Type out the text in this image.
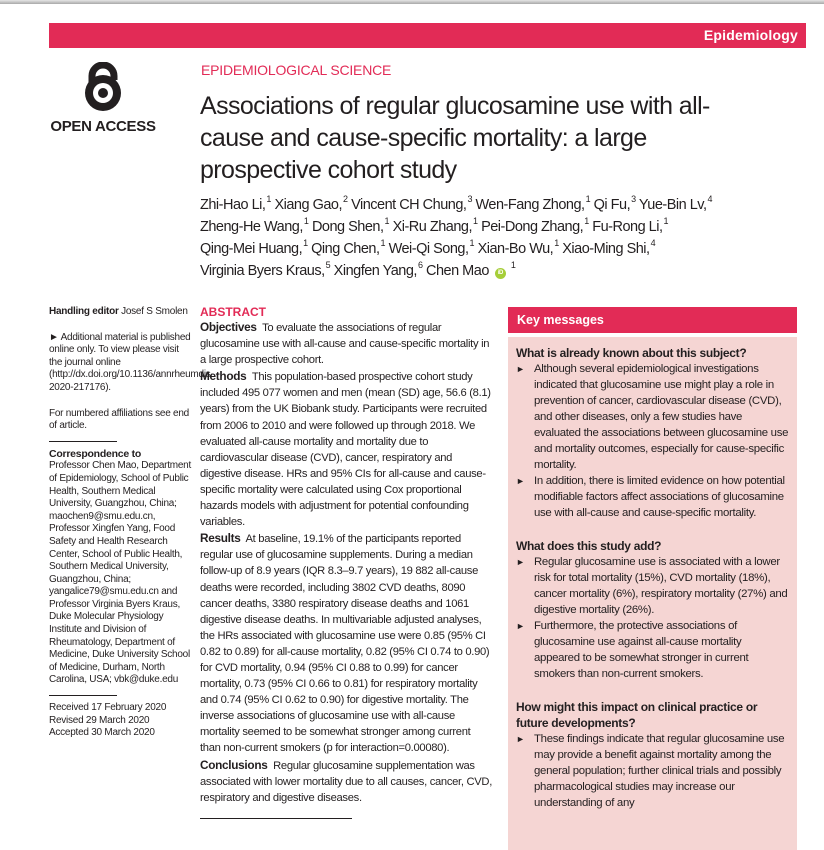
Epidemiology
OPEN ACCESS
EPIDEMIOLOGICAL SCIENCE
Associations of regular glucosamine use with all-
cause and cause-specific mortality: a large
prospective cohort study
Zhi-Hao Li,$^1$ Xiang Gao,$^2$ Vincent CH Chung,$^3$ Wen-Fang Zhong,$^1$ Qi Fu,$^3$ Yue-Bin Lv,$^4$
Zheng-He Wang,$^1$ Dong Shen,$^1$ Xi-Ru Zhang,$^1$ Pei-Dong Zhang,$^1$ Fu-Rong Li,$^1$
Qing-Mei Huang,$^1$ Qing Chen,$^1$ Wei-Qi Song,$^1$ Xian-Bo Wu,$^1$ Xiao-Ming Shi,$^4$
Virginia Byers Kraus,$^5$ Xingfen Yang,$^6$ Chen Mao $iD^1$

Handling editor Josef S Smolen

► Additional material is published online only. To view please visit the journal online (http://dx.doi.org/10.1136/annrheumdis-2020-217176).

For numbered affiliations see end of article.

Correspondence to

Professor Chen Mao, Department of Epidemiology, School of Public Health, Southern Medical University, Guangzhou, China; maochen9@smu.edu.cn, Professor Xingfen Yang, Food Safety and Health Research Center, School of Public Health, Southern Medical University, Guangzhou, China; yangalice79@smu.edu.cn and Professor Virginia Byers Kraus, Duke Molecular Physiology Institute and Division of Rheumatology, Department of Medicine, Duke University School of Medicine, Durham, North Carolina, USA; vbk@duke.edu

Received 17 February 2020

Revised 29 March 2020

Accepted 30 March 2020

ABSTRACT

Objectives To evaluate the associations of regular glucosamine use with all-cause and cause-specific mortality in a large prospective cohort.

Methods This population-based prospective cohort study included 495 077 women and men (mean (SD) age, 56.6 (8.1) years) from the UK Biobank study. Participants were recruited from 2006 to 2010 and were followed up through 2018. We evaluated all-cause mortality and mortality due to cardiovascular disease (CVD), cancer, respiratory and digestive disease. HRs and 95% CIs for all-cause and cause-specific mortality were calculated using Cox proportional hazards models with adjustment for potential confounding variables.

Results At baseline, 19.1% of the participants reported regular use of glucosamine supplements. During a median follow-up of 8.9 years (IQR 8.3–9.7 years), 19 882 all-cause deaths were recorded, including 3802 CVD deaths, 8090 cancer deaths, 3380 respiratory disease deaths and 1061 digestive disease deaths. In multivariable adjusted analyses, the HRs associated with glucosamine use were 0.85 (95% CI 0.82 to 0.89) for all-cause mortality, 0.82 (95% CI 0.74 to 0.90) for CVD mortality, 0.94 (95% CI 0.88 to 0.99) for cancer mortality, 0.73 (95% CI 0.66 to 0.81) for respiratory mortality and 0.74 (95% CI 0.62 to 0.90) for digestive mortality. The inverse associations of glucosamine use with all-cause mortality seemed to be somewhat stronger among current than non-current smokers (p for interaction=0.00080).

Conclusions Regular glucosamine supplementation was associated with lower mortality due to all causes, cancer, CVD, respiratory and digestive diseases.

Key messages

What is already known about this subject?

► Although several epidemiological investigations indicated that glucosamine use might play a role in prevention of cancer, cardiovascular disease (CVD), and other diseases, only a few studies have evaluated the associations between glucosamine use and mortality outcomes, especially for cause-specific mortality.

► In addition, there is limited evidence on how potential modifiable factors affect associations of glucosamine use with all-cause and cause-specific mortality.

What does this study add?

► Regular glucosamine use is associated with a lower risk for total mortality (15%), CVD mortality (18%), cancer mortality (6%), respiratory mortality (27%) and digestive mortality (26%).

► Furthermore, the protective associations of glucosamine use against all-cause mortality appeared to be somewhat stronger in current smokers than non-current smokers.

How might this impact on clinical practice or future developments?

► These findings indicate that regular glucosamine use may provide a benefit against mortality among the general population; further clinical trials and possibly pharmacological studies may increase our understanding of any
